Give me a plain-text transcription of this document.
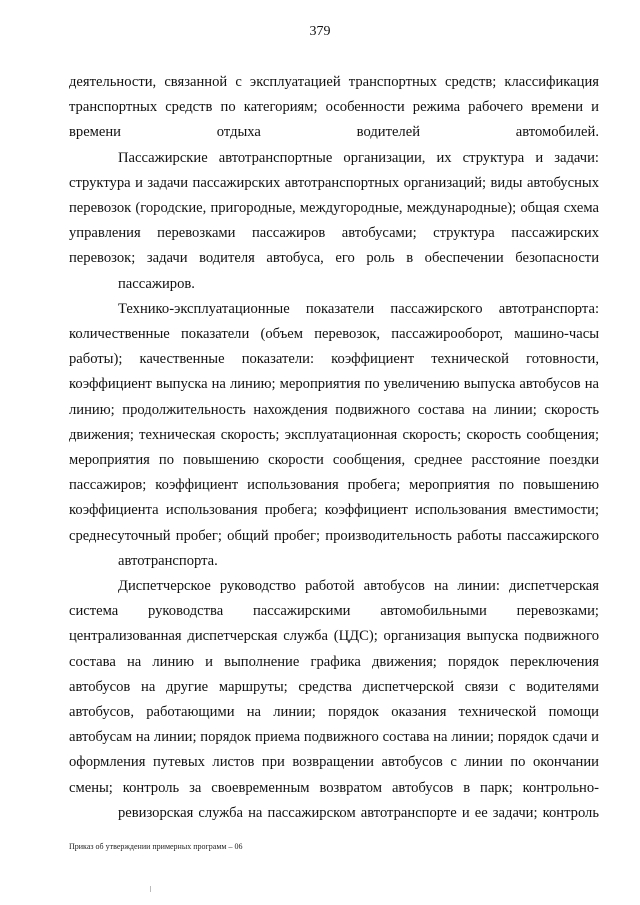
379

деятельности, связанной с эксплуатацией транспортных средств; классификация транспортных средств по категориям; особенности режима рабочего времени и
времени отдыха водителей автомобилей.

Пассажирские автотранспортные организации, их структура и задачи: структура и задачи пассажирских автотранспортных организаций; виды автобусных перевозок (городские, пригородные, междугородные, международные); общая схема управления перевозками пассажиров автобусами; структура пассажирских перевозок; задачи водителя автобуса, его роль в обеспечении безопасности
пассажиров.

Технико-эксплуатационные показатели пассажирского автотранспорта: количественные показатели (объем перевозок, пассажирооборот, машино-часы работы); качественные показатели: коэффициент технической готовности, коэффициент выпуска на линию; мероприятия по увеличению выпуска автобусов на линию; продолжительность нахождения подвижного состава на линии; скорость движения; техническая скорость; эксплуатационная скорость; скорость сообщения; мероприятия по повышению скорости сообщения, среднее расстояние поездки пассажиров; коэффициент использования пробега; мероприятия по повышению коэффициента использования пробега; коэффициент использования вместимости; среднесуточный пробег; общий пробег; производительность работы пассажирского
автотранспорта.

Диспетчерское руководство работой автобусов на линии: диспетчерская система руководства пассажирскими автомобильными перевозками; централизованная диспетчерская служба (ЦДС); организация выпуска подвижного состава на линию и выполнение графика движения; порядок переключения автобусов на другие маршруты; средства диспетчерской связи с водителями автобусов, работающими на линии; порядок оказания технической помощи автобусам на линии; порядок приема подвижного состава на линии; порядок сдачи и оформления путевых листов при возвращении автобусов с линии по окончании смены; контроль за своевременным возвратом автобусов в парк; контрольно-
ревизорская служба на пассажирском автотранспорте и ее задачи; контроль

Приказ об утверждении примерных программ – 06
